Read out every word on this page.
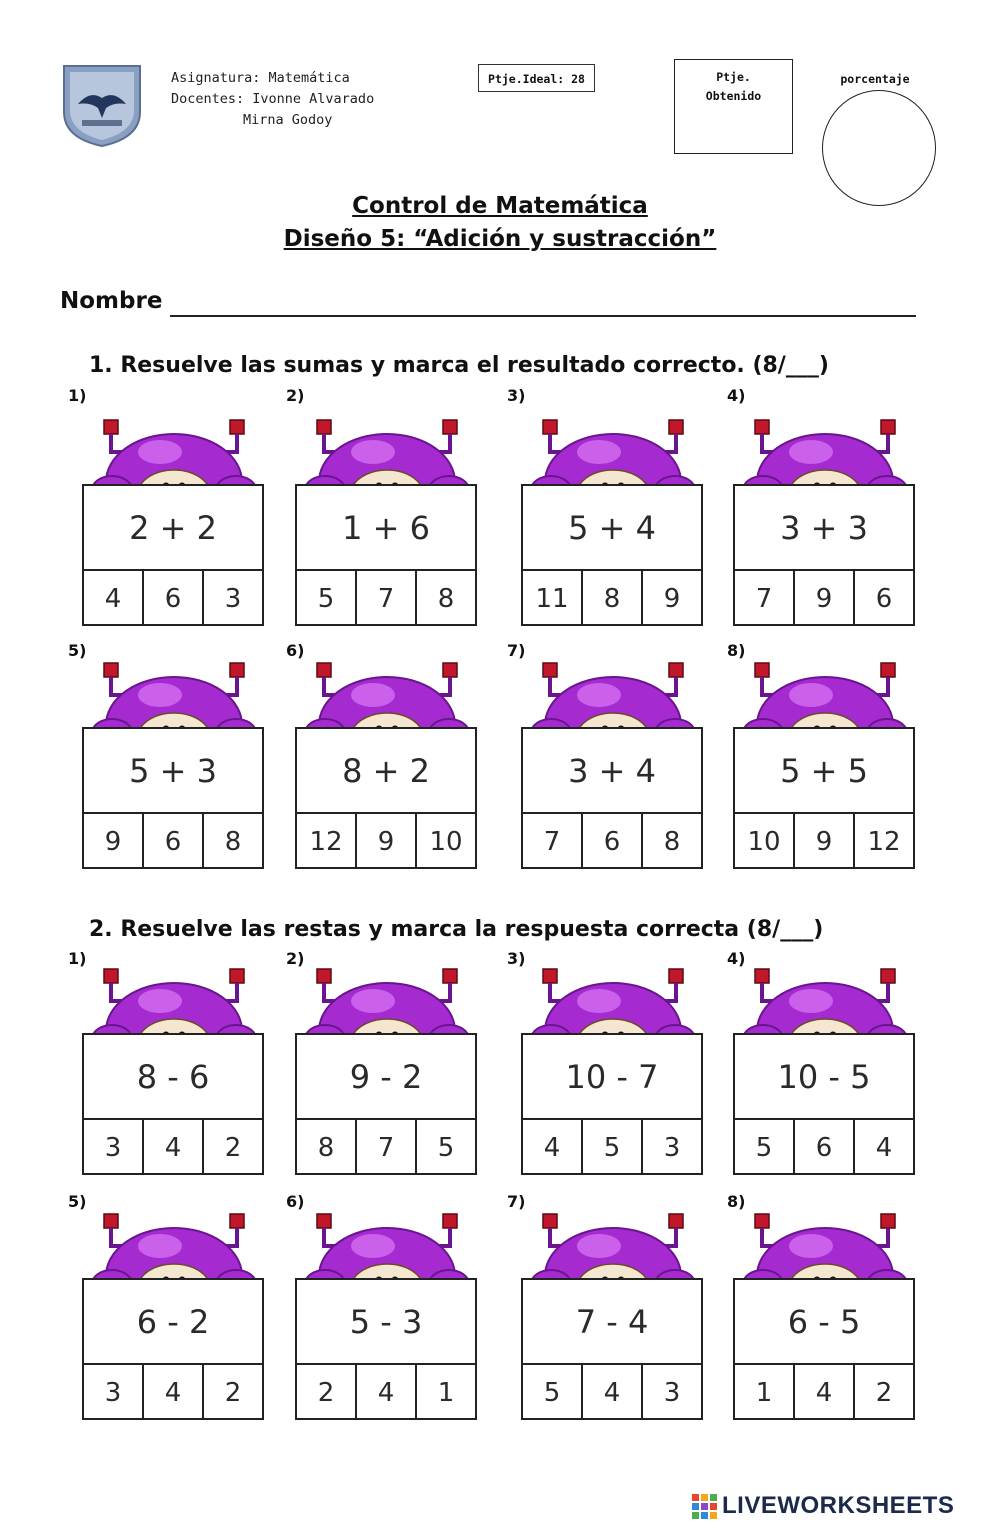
Asignatura: Matemática
Docentes: Ivonne Alvarado
Mirna Godoy
Ptje.Ideal: 28	Ptje.
Obtenido
porcentaje
Control de Matemática
Diseño 5: “Adición y sustracción”
Nombre
1. Resuelve las sumas y marca el resultado correcto. (8/___)
2. Resuelve las restas y marca la respuesta correcta (8/___)
1)
2 + 2
4	6	3
2)
1 + 6
5	7	8
3)
5 + 4
11	8	9
4)
3 + 3
7	9	6
5)
5 + 3
9	6	8
6)
8 + 2
12	9	10
7)
3 + 4
7	6	8
8)
5 + 5
10	9	12
1)
8 - 6
3	4	2
2)
9 - 2
8	7	5
3)
10 - 7
4	5	3
4)
10 - 5
5	6	4
5)
6 - 2
3	4	2
6)
5 - 3
2	4	1
7)
7 - 4
5	4	3
8)
6 - 5
1	4	2
LIVEWORKSHEETS
